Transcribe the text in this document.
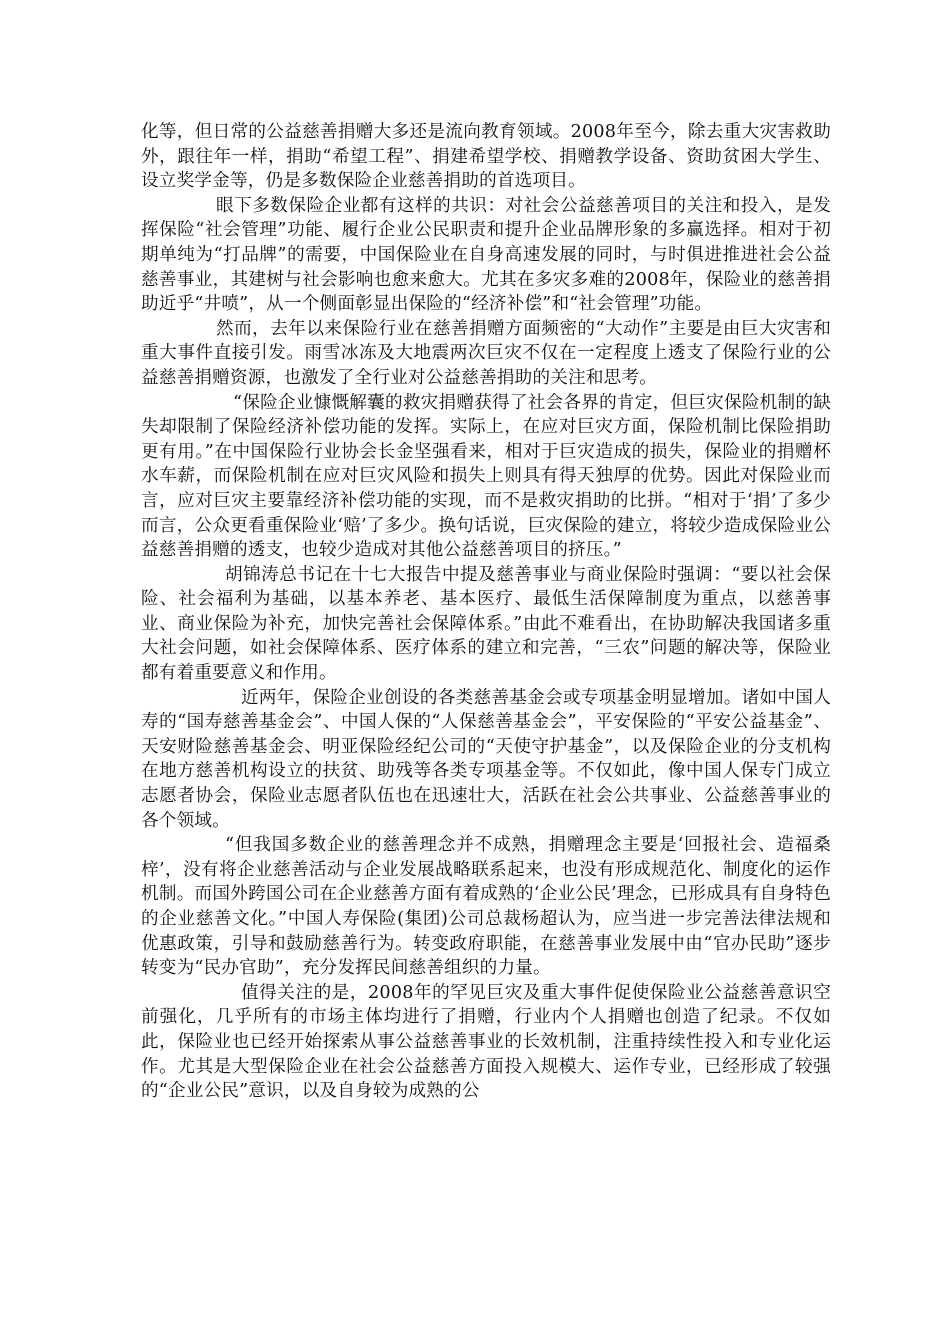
化等，但日常的公益慈善捐赠大多还是流向教育领域。2008年至今，除去重大灾害救助外，跟往年一样，捐助“希望工程”、捐建希望学校、捐赠教学设备、资助贫困大学生、设立奖学金等，仍是多数保险企业慈善捐助的首选项目。

眼下多数保险企业都有这样的共识：对社会公益慈善项目的关注和投入，是发挥保险“社会管理”功能、履行企业公民职责和提升企业品牌形象的多赢选择。相对于初期单纯为“打品牌”的需要，中国保险业在自身高速发展的同时，与时俱进推进社会公益慈善事业，其建树与社会影响也愈来愈大。尤其在多灾多难的2008年，保险业的慈善捐助近乎“井喷”，从一个侧面彰显出保险的“经济补偿”和“社会管理”功能。

然而，去年以来保险行业在慈善捐赠方面频密的“大动作”主要是由巨大灾害和重大事件直接引发。雨雪冰冻及大地震两次巨灾不仅在一定程度上透支了保险行业的公益慈善捐赠资源，也激发了全行业对公益慈善捐助的关注和思考。

“保险企业慷慨解囊的救灾捐赠获得了社会各界的肯定，但巨灾保险机制的缺失却限制了保险经济补偿功能的发挥。实际上，在应对巨灾方面，保险机制比保险捐助更有用。”在中国保险行业协会长金坚强看来，相对于巨灾造成的损失，保险业的捐赠杯水车薪，而保险机制在应对巨灾风险和损失上则具有得天独厚的优势。因此对保险业而言，应对巨灾主要靠经济补偿功能的实现，而不是救灾捐助的比拼。“相对于‘捐’了多少而言，公众更看重保险业‘赔’了多少。换句话说，巨灾保险的建立，将较少造成保险业公益慈善捐赠的透支，也较少造成对其他公益慈善项目的挤压。”

胡锦涛总书记在十七大报告中提及慈善事业与商业保险时强调：“要以社会保险、社会福利为基础，以基本养老、基本医疗、最低生活保障制度为重点，以慈善事业、商业保险为补充，加快完善社会保障体系。”由此不难看出，在协助解决我国诸多重大社会问题，如社会保障体系、医疗体系的建立和完善，“三农”问题的解决等，保险业都有着重要意义和作用。

近两年，保险企业创设的各类慈善基金会或专项基金明显增加。诸如中国人寿的“国寿慈善基金会”、中国人保的“人保慈善基金会”，平安保险的“平安公益基金”、天安财险慈善基金会、明亚保险经纪公司的“天使守护基金”，以及保险企业的分支机构在地方慈善机构设立的扶贫、助残等各类专项基金等。不仅如此，像中国人保专门成立志愿者协会，保险业志愿者队伍也在迅速壮大，活跃在社会公共事业、公益慈善事业的各个领域。

“但我国多数企业的慈善理念并不成熟，捐赠理念主要是‘回报社会、造福桑梓’，没有将企业慈善活动与企业发展战略联系起来，也没有形成规范化、制度化的运作机制。而国外跨国公司在企业慈善方面有着成熟的‘企业公民’理念，已形成具有自身特色的企业慈善文化。”中国人寿保险(集团)公司总裁杨超认为，应当进一步完善法律法规和优惠政策，引导和鼓励慈善行为。转变政府职能，在慈善事业发展中由“官办民助”逐步转变为“民办官助”，充分发挥民间慈善组织的力量。

值得关注的是，2008年的罕见巨灾及重大事件促使保险业公益慈善意识空前强化，几乎所有的市场主体均进行了捐赠，行业内个人捐赠也创造了纪录。不仅如此，保险业也已经开始探索从事公益慈善事业的长效机制，注重持续性投入和专业化运作。尤其是大型保险企业在社会公益慈善方面投入规模大、运作专业，已经形成了较强的“企业公民”意识，以及自身较为成熟的公
